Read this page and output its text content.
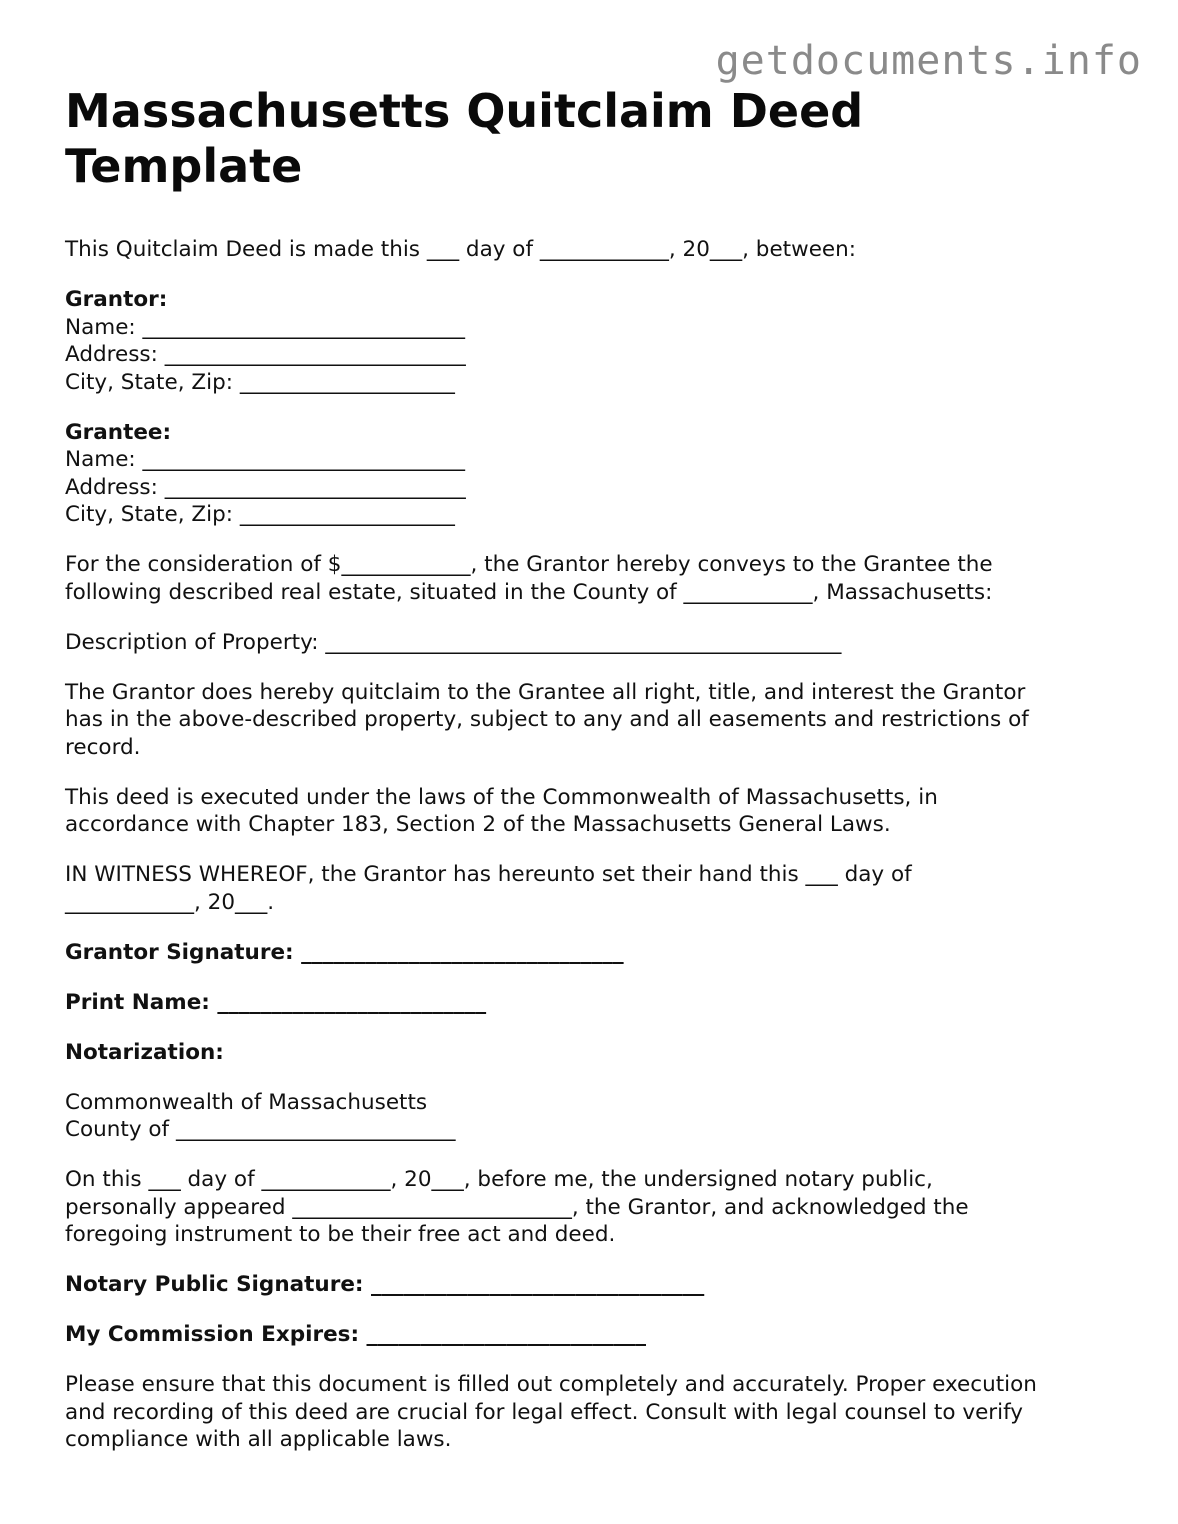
getdocuments.info
Massachusetts Quitclaim Deed Template

This Quitclaim Deed is made this ___ day of ____________, 20___, between:

Grantor:
Name: ______________________________
Address: ____________________________
City, State, Zip: ____________________

Grantee:
Name: ______________________________
Address: ____________________________
City, State, Zip: ____________________

For the consideration of $____________, the Grantor hereby conveys to the Grantee the
following described real estate, situated in the County of ____________, Massachusetts:

Description of Property: ________________________________________________

The Grantor does hereby quitclaim to the Grantee all right, title, and interest the Grantor
has in the above-described property, subject to any and all easements and restrictions of
record.

This deed is executed under the laws of the Commonwealth of Massachusetts, in
accordance with Chapter 183, Section 2 of the Massachusetts General Laws.

IN WITNESS WHEREOF, the Grantor has hereunto set their hand this ___ day of
____________, 20___.

Grantor Signature: ______________________________

Print Name: _________________________

Notarization:

Commonwealth of Massachusetts
County of __________________________

On this ___ day of ____________, 20___, before me, the undersigned notary public,
personally appeared __________________________, the Grantor, and acknowledged the
foregoing instrument to be their free act and deed.

Notary Public Signature: _______________________________

My Commission Expires: __________________________

Please ensure that this document is filled out completely and accurately. Proper execution
and recording of this deed are crucial for legal effect. Consult with legal counsel to verify
compliance with all applicable laws.
